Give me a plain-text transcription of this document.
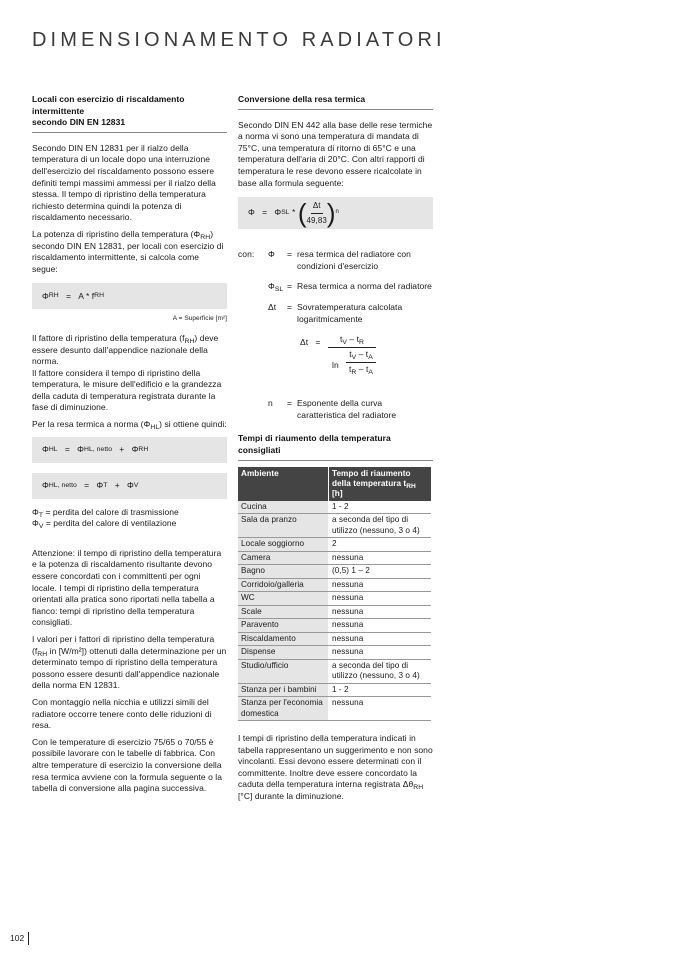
DIMENSIONAMENTO RADIATORI
Locali con esercizio di riscaldamento intermittente
secondo DIN EN 12831

Secondo DIN EN 12831 per il rialzo della temperatura di un locale dopo una interruzione dell'esercizio del riscaldamento possono essere definiti tempi massimi ammessi per il rialzo della stessa. Il tempo di ripristino della temperatura richiesto determina quindi la potenza di riscaldamento necessario.

La potenza di ripristino della temperatura $(\Phi_{RH})$ secondo DIN EN 12831, per locali con esercizio di riscaldamento intermittente, si calcola come segue:

Φ RH
=
A * f RH
A = Superficie [m²]

Il fattore di ripristino della temperatura $(f_{RH})$ deve essere desunto dall'appendice nazionale della norma.

Il fattore considera il tempo di ripristino della temperatura, le misure dell'edificio e la grandezza della caduta di temperatura registrata durante la fase di diminuzione.

Per la resa termica a norma $(\Phi_{HL})$ si ottiene quindi:

Φ HL
=
Φ HL, netto
+
Φ RH
Φ HL, netto
=
Φ T
+
Φ V
$\Phi_T$ = perdita del calore di trasmissione
$\Phi_V$ = perdita del calore di ventilazione

Attenzione: il tempo di ripristino della temperatura e la potenza di riscaldamento risultante devono essere concordati con i committenti per ogni locale. I tempi di ripristino della temperatura orientati alla pratica sono riportati nella tabella a fianco: tempi di ripristino della temperatura consigliati.

I valori per i fattori di ripristino della temperatura ($f_{RH}$ in [W/m²]) ottenuti dalla determinazione per un determinato tempo di ripristino della temperatura possono essere desunti dall'appendice nazionale della norma EN 12831.

Con montaggio nella nicchia e utilizzi simili del radiatore occorre tenere conto delle riduzioni di resa.

Con le temperature di esercizio 75/65 o 70/55 è possibile lavorare con le tabelle di fabbrica. Con altre temperature di esercizio la conversione della resa termica avviene con la formula seguente o la tabella di conversione alla pagina successiva.

Conversione della resa termica

Secondo DIN EN 442 alla base delle rese termiche a norma vi sono una temperatura di mandata di 75°C, una temperatura di ritorno di 65°C e una temperatura dell'aria di 20°C. Con altri rapporti di temperatura le rese devono essere ricalcolate in base alla formula seguente:

Φ
=
Φ SL
*
( $\frac{\Delta t}{49,83}$ ) n
con:	Φ	= resa termica del radiatore con condizioni d'esercizio
$\Phi_{SL}$ = Resa termica a norma del radiatore
Δt	= Sovratemperatura calcolata logaritmicamente
Δt =	$t_V - t_R$
ln
$t_V - t_A$
$t_R - t_A$
n	= Esponente della curva caratteristica del radiatore
Tempi di riaumento della temperatura consigliati
Ambiente	Tempo di riaumento della temperatura $t_{RH}$ [h]
Cucina	1 - 2
Sala da pranzo	a seconda del tipo di utilizzo (nessuno, 3 o 4)
Locale soggiorno	2
Camera	nessuna
Bagno	(0,5) 1 – 2
Corridoio/galleria	nessuna
WC	nessuna
Scale	nessuna
Paravento	nessuna
Riscaldamento	nessuna
Dispense	nessuna
Studio/ufficio	a seconda del tipo di utilizzo (nessuno, 3 o 4)
Stanza per i bambini	1 - 2
Stanza per l'economia domestica	nessuna

I tempi di ripristino della temperatura indicati in tabella rappresentano un suggerimento e non sono vincolanti. Essi devono essere determinati con il committente. Inoltre deve essere concordato la caduta della temperatura interna registrata $\Delta\theta_{RH}$ [°C] durante la diminuzione.

102
